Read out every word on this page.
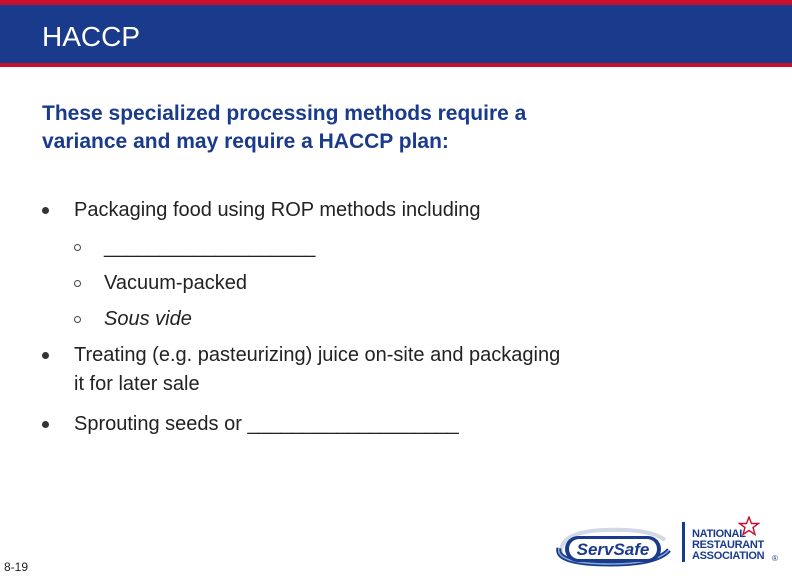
HACCP
These specialized processing methods require a variance and may require a HACCP plan:
Packaging food using ROP methods including
___________________
Vacuum-packed
Sous vide
Treating (e.g. pasteurizing) juice on-site and packaging it for later sale
Sprouting seeds or ___________________
8-19
ServSafe
NATIONAL
RESTAURANT
ASSOCIATION ®
